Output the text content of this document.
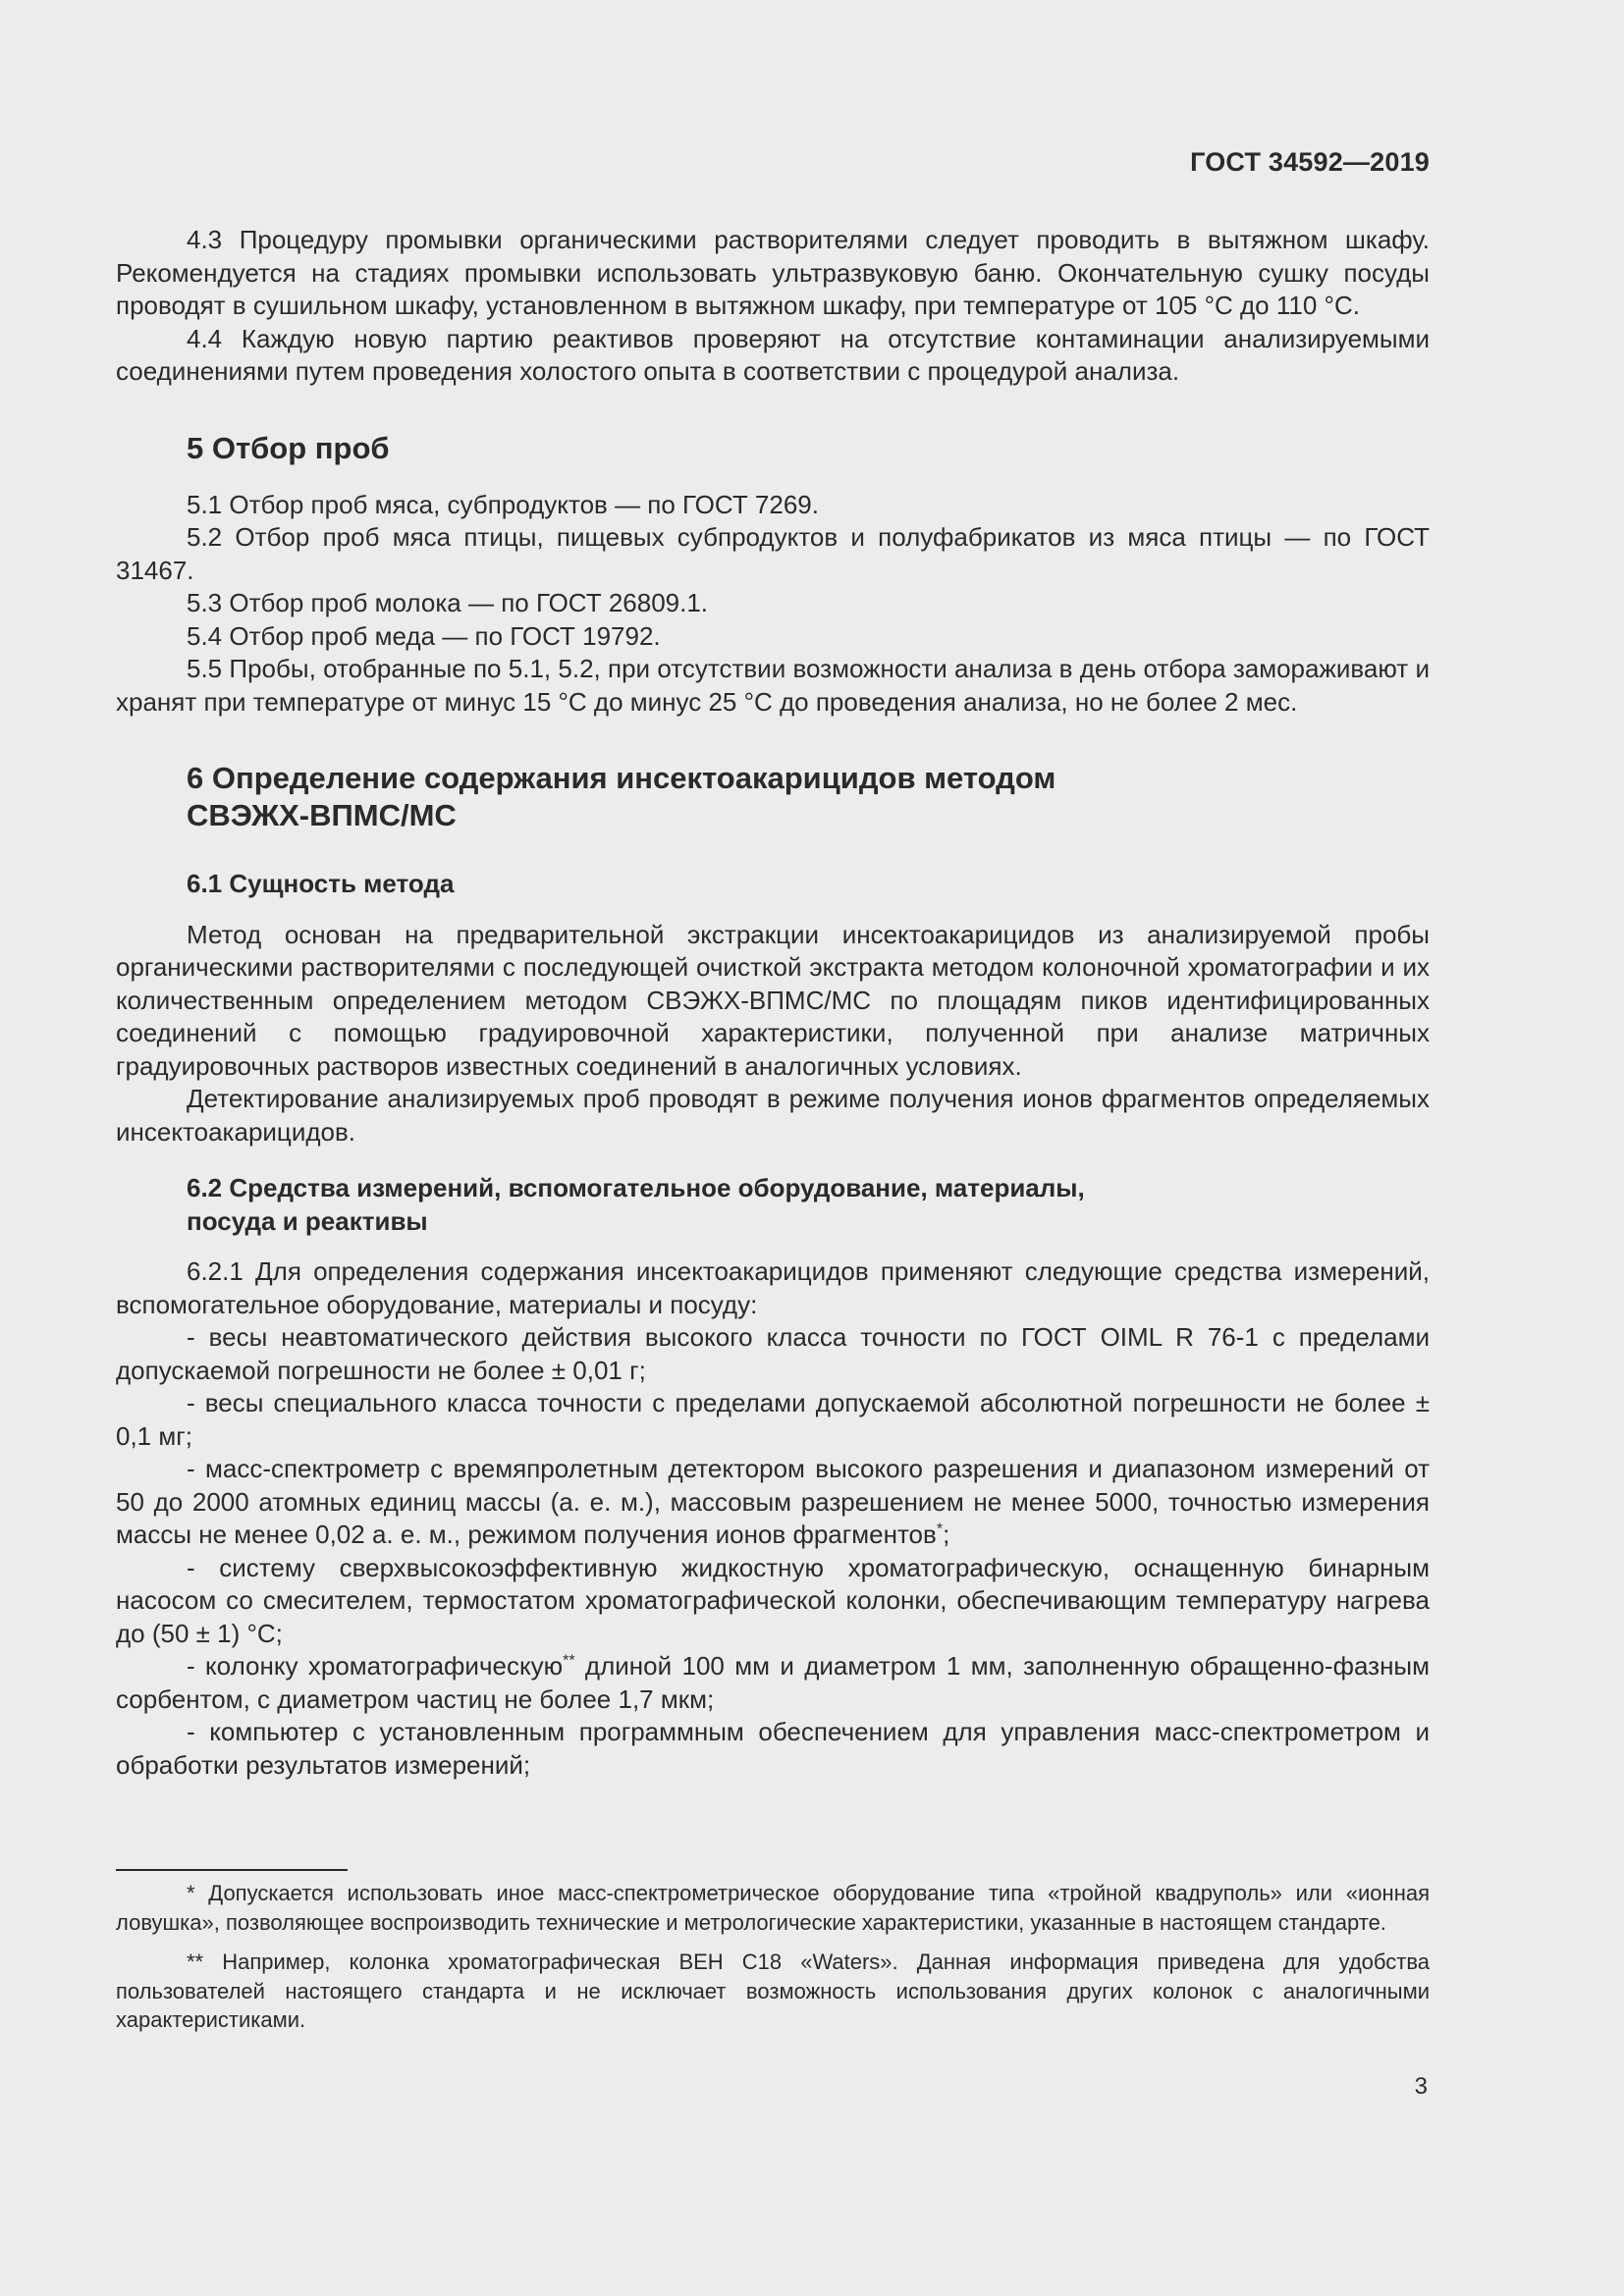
ГОСТ 34592—2019

4.3 Процедуру промывки органическими растворителями следует проводить в вытяжном шкафу. Рекомендуется на стадиях промывки использовать ультразвуковую баню. Окончательную сушку посуды проводят в сушильном шкафу, установленном в вытяжном шкафу, при температуре от 105 °С до 110 °С.

4.4 Каждую новую партию реактивов проверяют на отсутствие контаминации анализируемыми соединениями путем проведения холостого опыта в соответствии с процедурой анализа.

5 Отбор проб

5.1 Отбор проб мяса, субпродуктов — по ГОСТ 7269.

5.2 Отбор проб мяса птицы, пищевых субпродуктов и полуфабрикатов из мяса птицы — по ГОСТ 31467.

5.3 Отбор проб молока — по ГОСТ 26809.1.

5.4 Отбор проб меда — по ГОСТ 19792.

5.5 Пробы, отобранные по 5.1, 5.2, при отсутствии возможности анализа в день отбора замораживают и хранят при температуре от минус 15 °С до минус 25 °С до проведения анализа, но не более 2 мес.

6 Определение содержания инсектоакарицидов методом
СВЭЖХ-ВПМС/МС
6.1 Сущность метода

Метод основан на предварительной экстракции инсектоакарицидов из анализируемой пробы органическими растворителями с последующей очисткой экстракта методом колоночной хроматографии и их количественным определением методом СВЭЖХ-ВПМС/МС по площадям пиков идентифицированных соединений с помощью градуировочной характеристики, полученной при анализе матричных градуировочных растворов известных соединений в аналогичных условиях.

Детектирование анализируемых проб проводят в режиме получения ионов фрагментов определяемых инсектоакарицидов.

6.2 Средства измерений, вспомогательное оборудование, материалы,
посуда и реактивы

6.2.1 Для определения содержания инсектоакарицидов применяют следующие средства измерений, вспомогательное оборудование, материалы и посуду:

- весы неавтоматического действия высокого класса точности по ГОСТ OIML R 76-1 с пределами допускаемой погрешности не более ± 0,01 г;

- весы специального класса точности с пределами допускаемой абсолютной погрешности не более ± 0,1 мг;

- масс-спектрометр с времяпролетным детектором высокого разрешения и диапазоном измерений от 50 до 2000 атомных единиц массы (а. е. м.), массовым разрешением не менее 5000, точностью измерения массы не менее 0,02 а. е. м., режимом получения ионов фрагментов*;

- систему сверхвысокоэффективную жидкостную хроматографическую, оснащенную бинарным насосом со смесителем, термостатом хроматографической колонки, обеспечивающим температуру нагрева до (50 ± 1) °С;

- колонку хроматографическую** длиной 100 мм и диаметром 1 мм, заполненную обращенно-фазным сорбентом, с диаметром частиц не более 1,7 мкм;

- компьютер с установленным программным обеспечением для управления масс-спектрометром и обработки результатов измерений;

* Допускается использовать иное масс-спектрометрическое оборудование типа «тройной квадруполь» или «ионная ловушка», позволяющее воспроизводить технические и метрологические характеристики, указанные в настоящем стандарте.

** Например, колонка хроматографическая BEH C18 «Waters». Данная информация приведена для удобства пользователей настоящего стандарта и не исключает возможность использования других колонок с аналогичными характеристиками.

3
